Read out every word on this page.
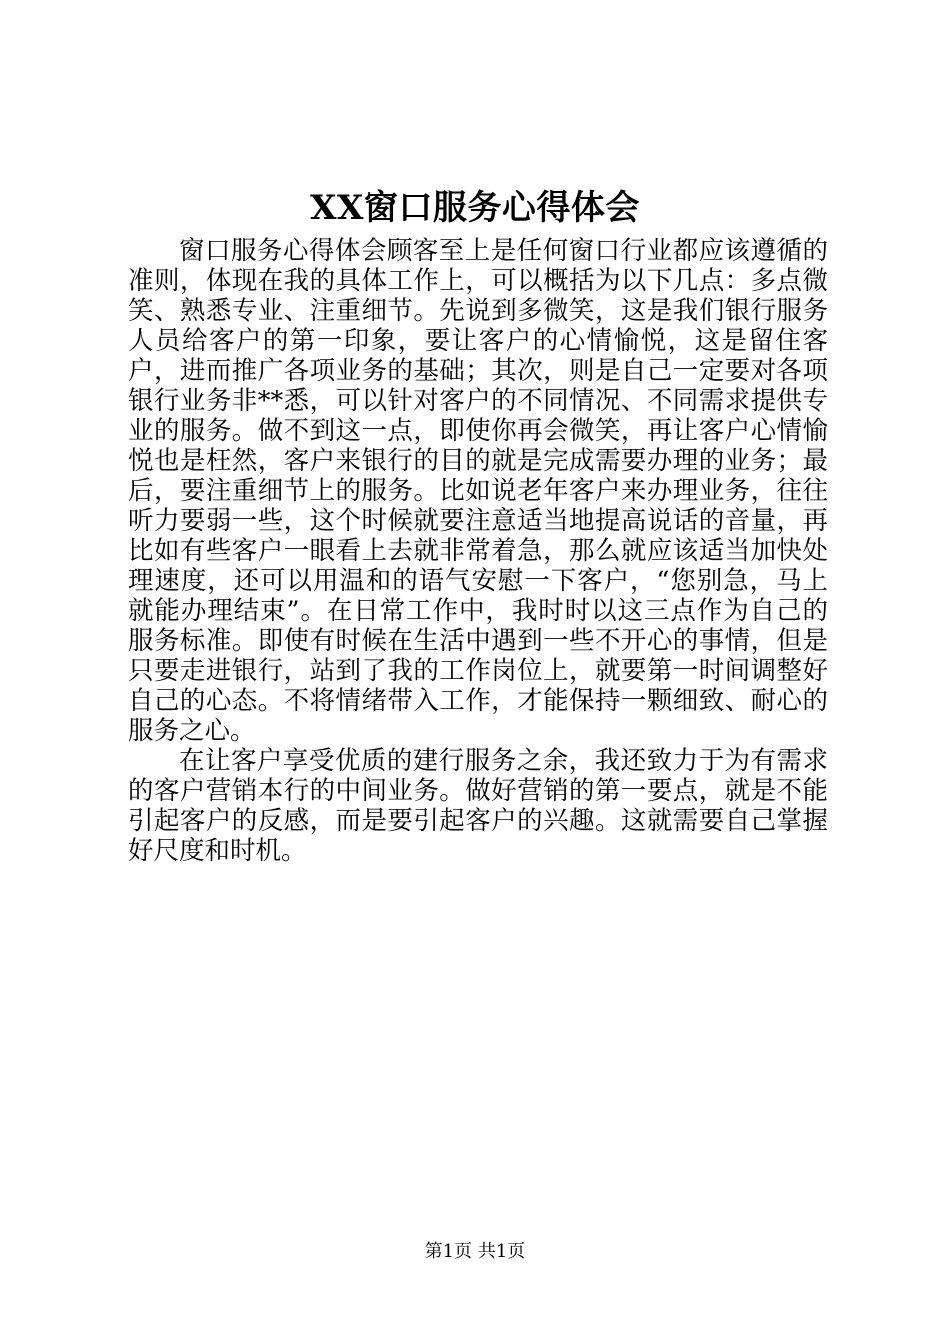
XX窗口服务心得体会

窗口服务心得体会顾客至上是任何窗口行业都应该遵循的准则，体现在我的具体工作上，可以概括为以下几点：多点微笑、熟悉专业、注重细节。先说到多微笑，这是我们银行服务人员给客户的第一印象，要让客户的心情愉悦，这是留住客户，进而推广各项业务的基础；其次，则是自己一定要对各项银行业务非**悉，可以针对客户的不同情况、不同需求提供专业的服务。做不到这一点，即使你再会微笑，再让客户心情愉悦也是枉然，客户来银行的目的就是完成需要办理的业务；最后，要注重细节上的服务。比如说老年客户来办理业务，往往听力要弱一些，这个时候就要注意适当地提高说话的音量，再比如有些客户一眼看上去就非常着急，那么就应该适当加快处理速度，还可以用温和的语气安慰一下客户，“您别急，马上就能办理结束”。在日常工作中，我时时以这三点作为自己的服务标准。即使有时候在生活中遇到一些不开心的事情，但是只要走进银行，站到了我的工作岗位上，就要第一时间调整好自己的心态。不将情绪带入工作，才能保持一颗细致、耐心的服务之心。

在让客户享受优质的建行服务之余，我还致力于为有需求的客户营销本行的中间业务。做好营销的第一要点，就是不能引起客户的反感，而是要引起客户的兴趣。这就需要自己掌握好尺度和时机。

第1页 共1页
